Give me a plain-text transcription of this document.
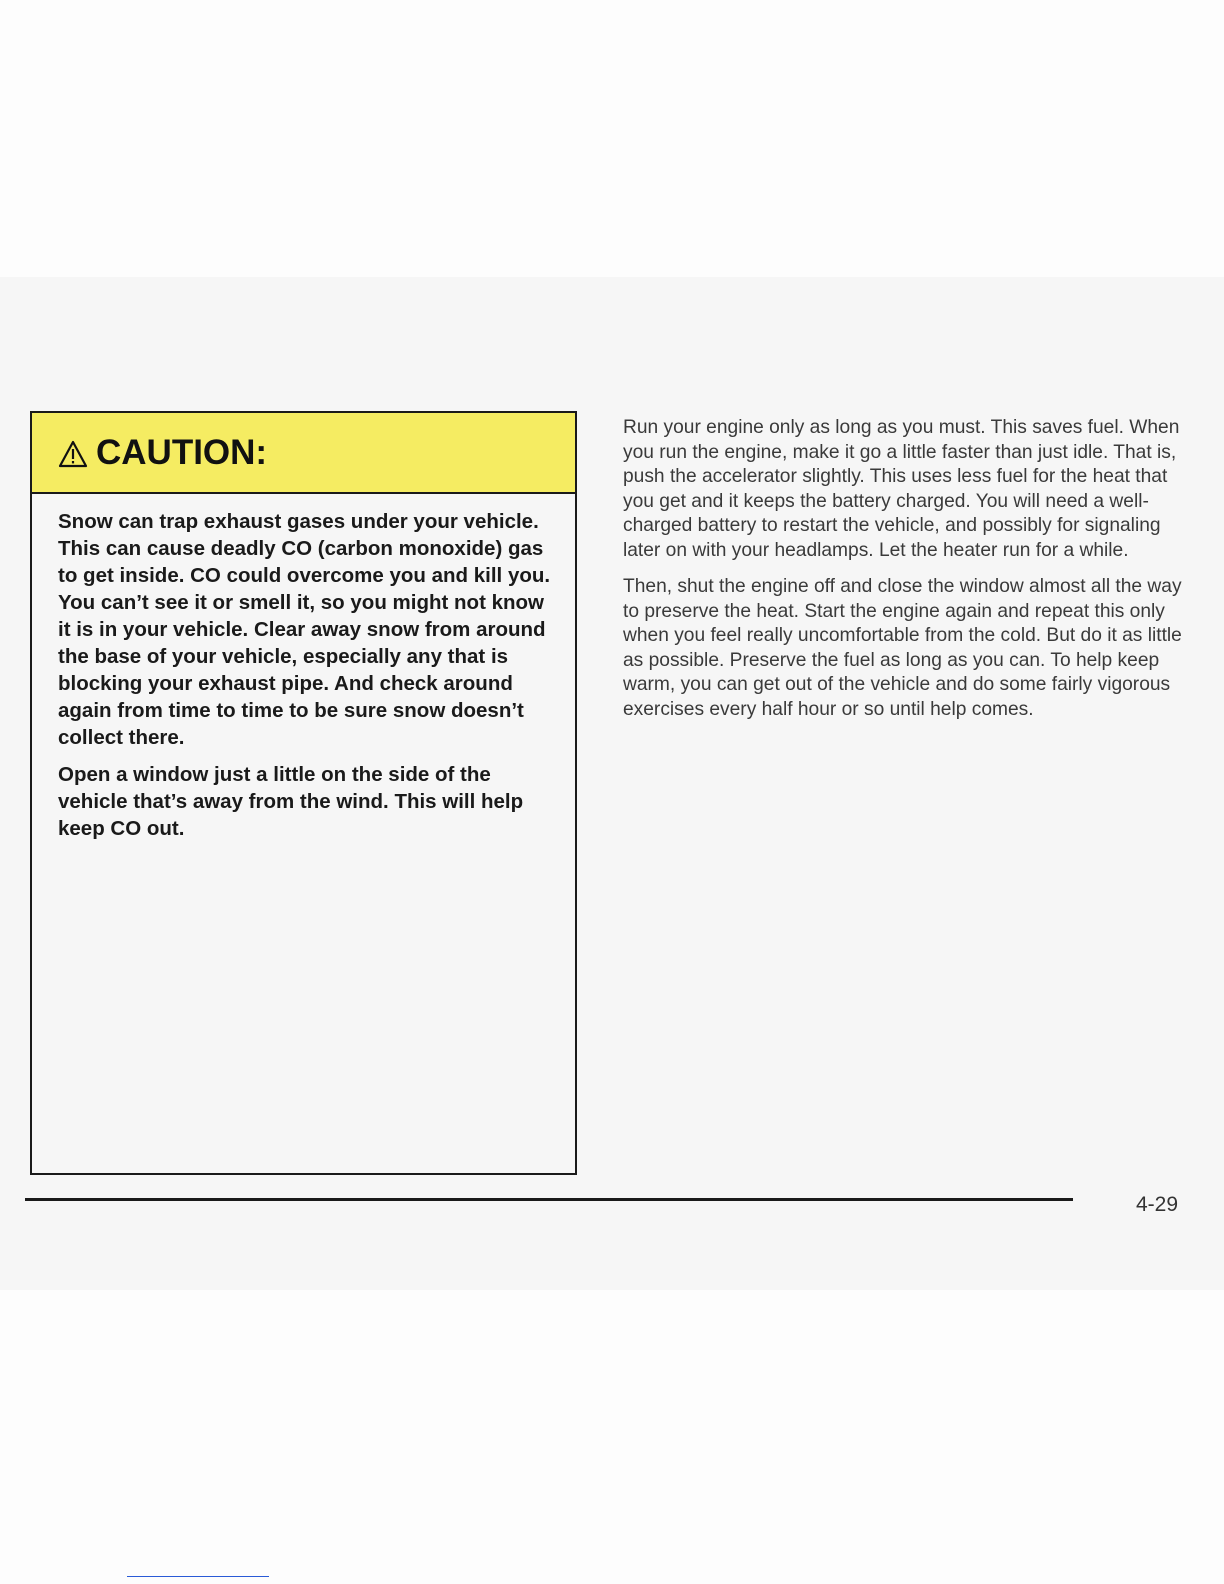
CAUTION:

Snow can trap exhaust gases under your vehicle. This can cause deadly CO (carbon monoxide) gas to get inside. CO could overcome you and kill you. You can’t see it or smell it, so you might not know it is in your vehicle. Clear away snow from around the base of your vehicle, especially any that is blocking your exhaust pipe. And check around again from time to time to be sure snow doesn’t collect there.

Open a window just a little on the side of the vehicle that’s away from the wind. This will help keep CO out.

Run your engine only as long as you must. This saves fuel. When you run the engine, make it go a little faster than just idle. That is, push the accelerator slightly. This uses less fuel for the heat that you get and it keeps the battery charged. You will need a well-charged battery to restart the vehicle, and possibly for signaling later on with your headlamps. Let the heater run for a while.

Then, shut the engine off and close the window almost all the way to preserve the heat. Start the engine again and repeat this only when you feel really uncomfortable from the cold. But do it as little as possible. Preserve the fuel as long as you can. To help keep warm, you can get out of the vehicle and do some fairly vigorous exercises every half hour or so until help comes.

4-29
